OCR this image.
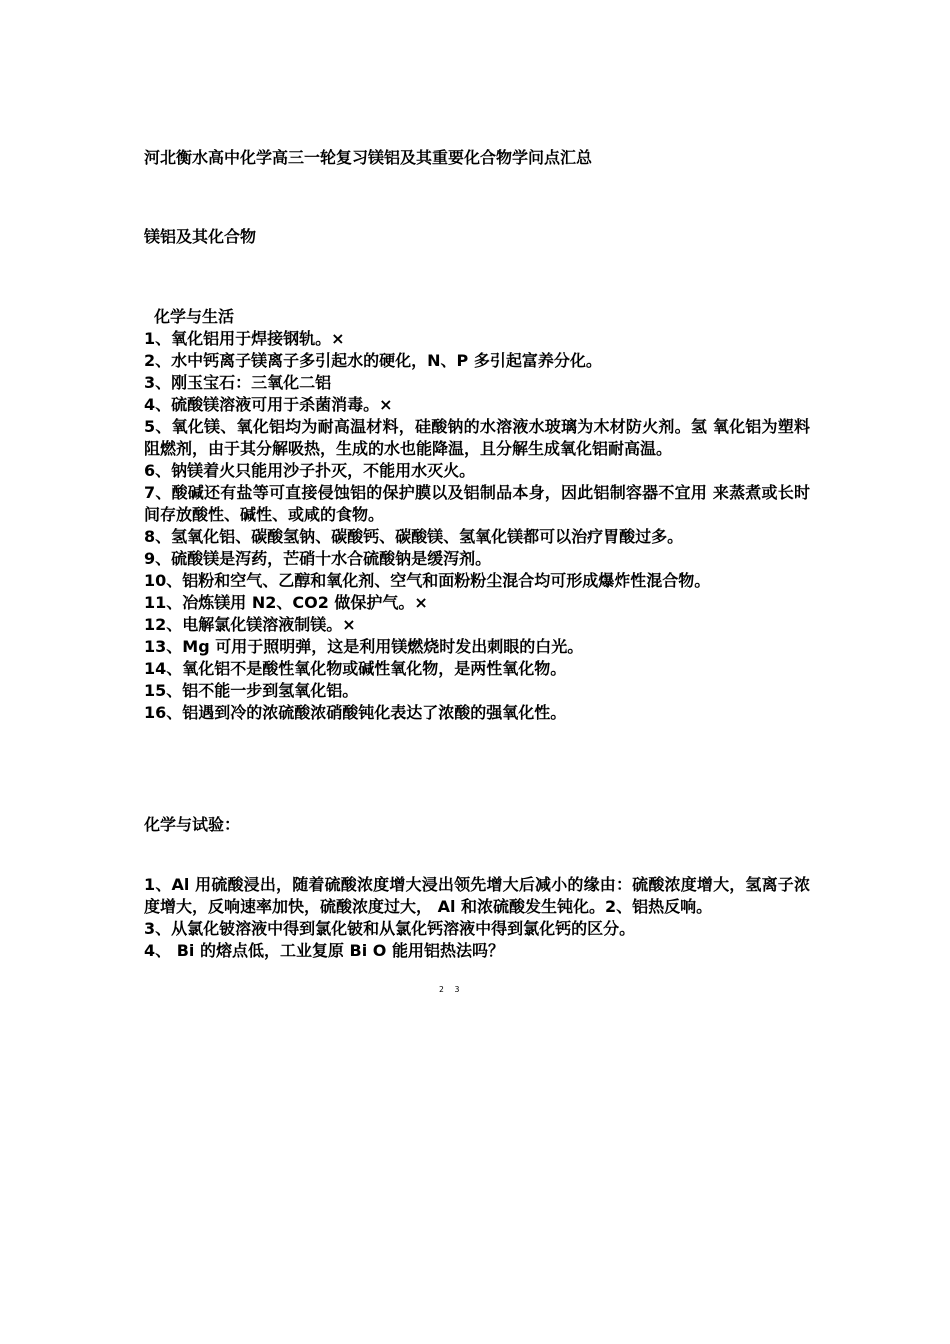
河北衡水高中化学高三一轮复习镁铝及其重要化合物学问点汇总
镁铝及其化合物
化学与生活

1、氧化铝用于焊接钢轨。×

2、水中钙离子镁离子多引起水的硬化，N、P 多引起富养分化。

3、刚玉宝石：三氧化二铝

4、硫酸镁溶液可用于杀菌消毒。×

5、氧化镁、氧化铝均为耐高温材料，硅酸钠的水溶液水玻璃为木材防火剂。氢 氧化铝为塑料阻燃剂，由于其分解吸热，生成的水也能降温，且分解生成氧化铝耐高温。

6、钠镁着火只能用沙子扑灭，不能用水灭火。

7、酸碱还有盐等可直接侵蚀铝的保护膜以及铝制品本身，因此铝制容器不宜用 来蒸煮或长时间存放酸性、碱性、或咸的食物。

8、氢氧化铝、碳酸氢钠、碳酸钙、碳酸镁、氢氧化镁都可以治疗胃酸过多。

9、硫酸镁是泻药，芒硝十水合硫酸钠是缓泻剂。

10、铝粉和空气、乙醇和氧化剂、空气和面粉粉尘混合均可形成爆炸性混合物。

11、冶炼镁用 N2、CO2 做保护气。×

12、电解氯化镁溶液制镁。×

13、Mg 可用于照明弹，这是利用镁燃烧时发出刺眼的白光。

14、氧化铝不是酸性氧化物或碱性氧化物，是两性氧化物。

15、铝不能一步到氢氧化铝。

16、铝遇到冷的浓硫酸浓硝酸钝化表达了浓酸的强氧化性。

化学与试验：

1、Al 用硫酸浸出，随着硫酸浓度增大浸出领先增大后减小的缘由：硫酸浓度增大，氢离子浓度增大，反响速率加快，硫酸浓度过大， Al 和浓硫酸发生钝化。2、铝热反响。

3、从氯化铍溶液中得到氯化铍和从氯化钙溶液中得到氯化钙的区分。

4、 Bi 的熔点低，工业复原 Bi O 能用铝热法吗？

2 3
